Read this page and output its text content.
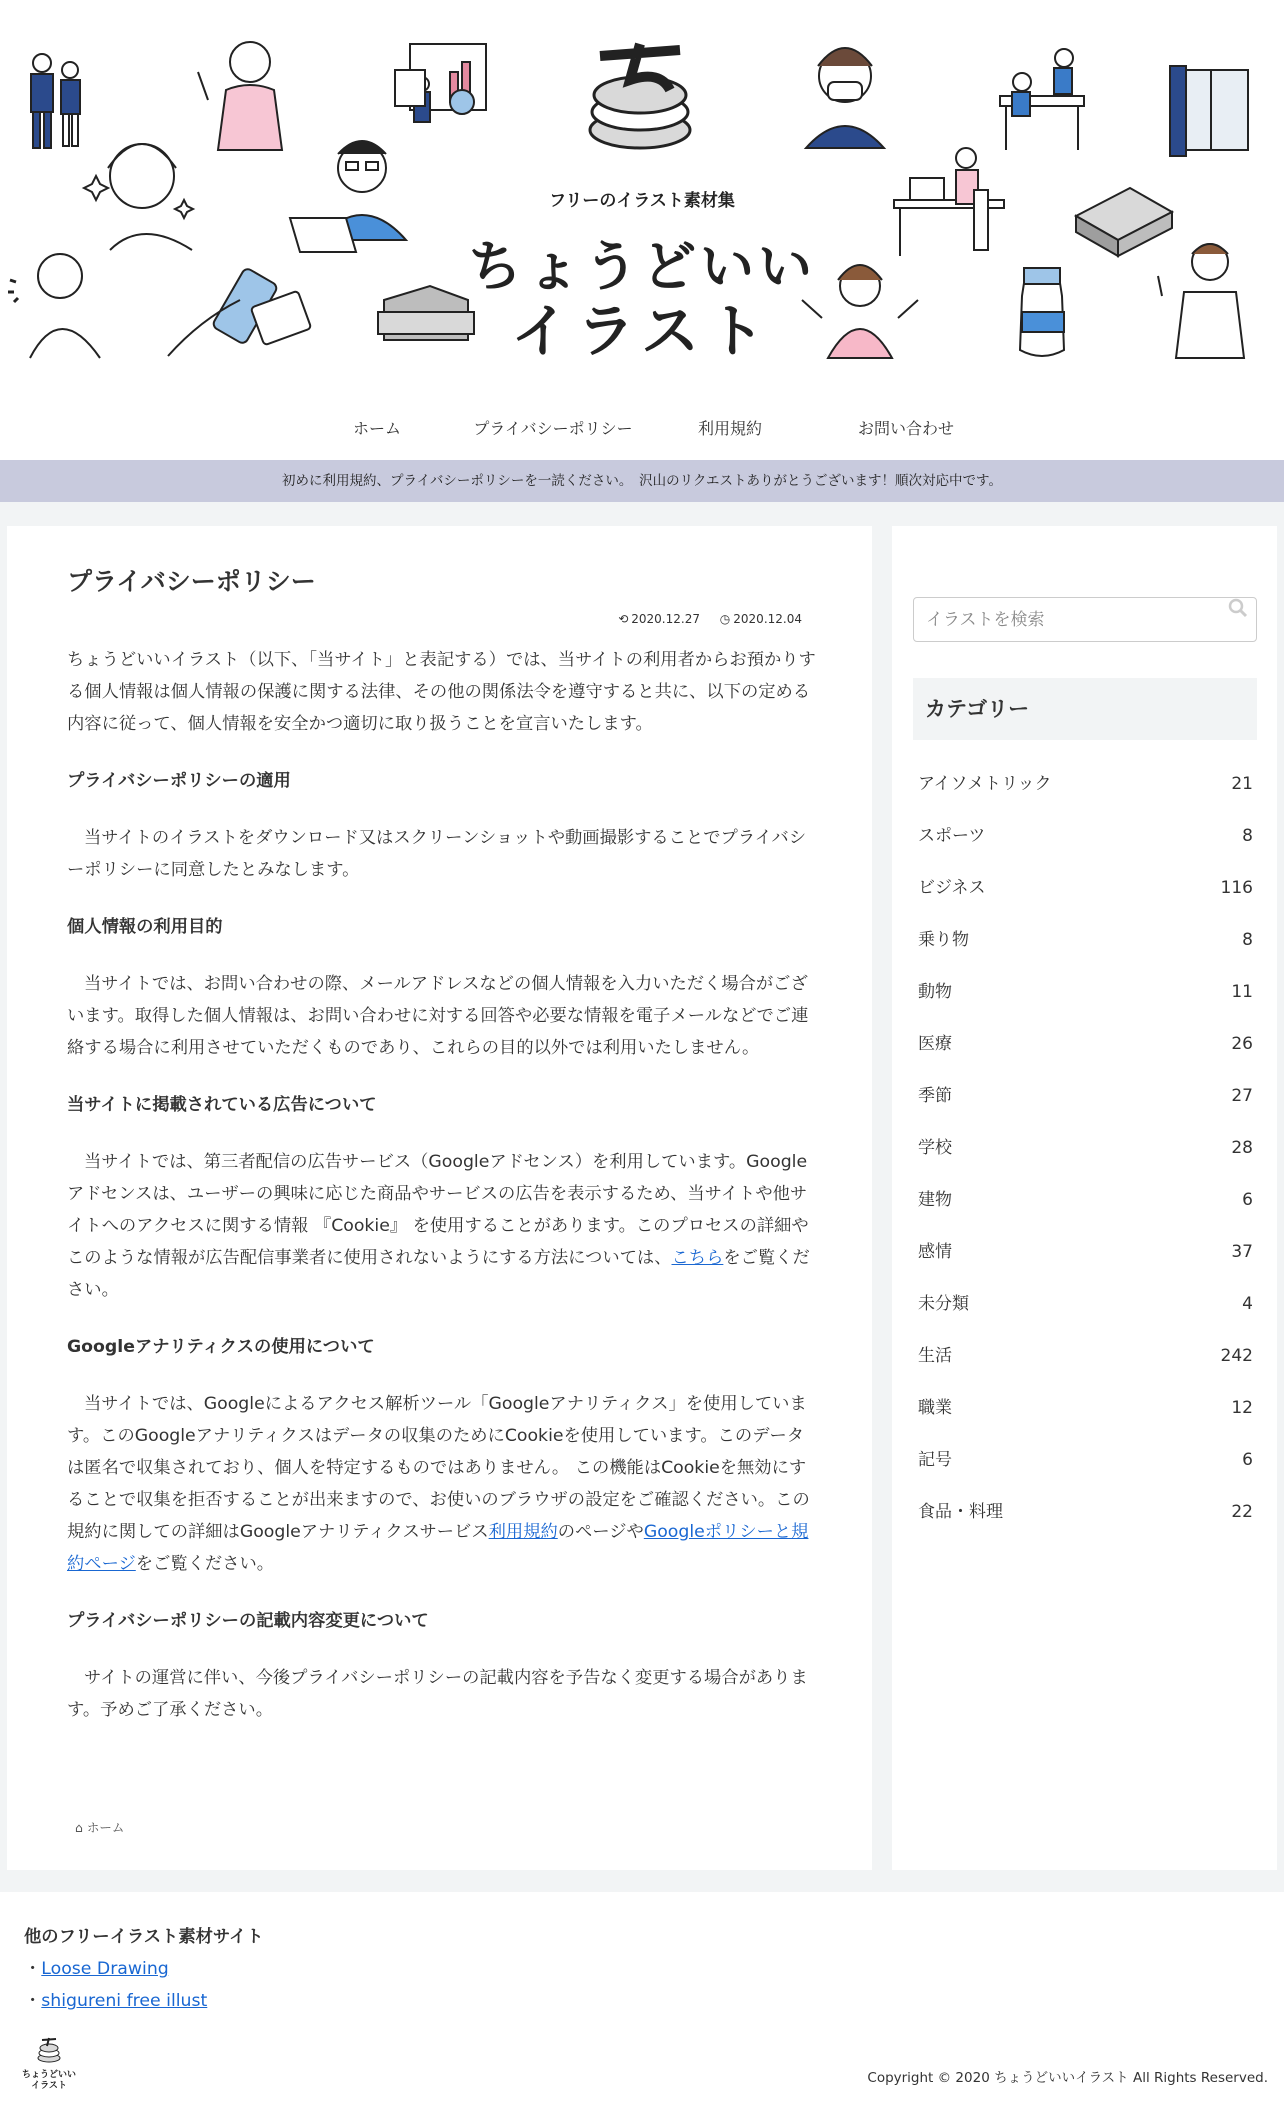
フリーのイラスト素材集
ちょうどいい
イラスト
ホーム	プライバシーポリシー	利用規約	お問い合わせ
初めに利用規約、プライバシーポリシーを一読ください。　沢山のリクエストありがとうございます！順次対応中です。
プライバシーポリシー
⟲ 2020.12.27 ◷ 2020.12.04

ちょうどいいイラスト（以下、「当サイト」と表記する）では、当サイトの利用者からお預かりする個人情報は個人情報の保護に関する法律、その他の関係法令を遵守すると共に、以下の定める内容に従って、個人情報を安全かつ適切に取り扱うことを宣言いたします。

プライバシーポリシーの適用

当サイトのイラストをダウンロード又はスクリーンショットや動画撮影することでプライバシーポリシーに同意したとみなします。

個人情報の利用目的

当サイトでは、お問い合わせの際、メールアドレスなどの個人情報を入力いただく場合がございます。取得した個人情報は、お問い合わせに対する回答や必要な情報を電子メールなどでご連絡する場合に利用させていただくものであり、これらの目的以外では利用いたしません。

当サイトに掲載されている広告について

当サイトでは、第三者配信の広告サービス（Googleアドセンス）を利用しています。Googleアドセンスは、ユーザーの興味に応じた商品やサービスの広告を表示するため、当サイトや他サイトへのアクセスに関する情報 『Cookie』 を使用することがあります。このプロセスの詳細やこのような情報が広告配信事業者に使用されないようにする方法については、こちらをご覧ください。

Googleアナリティクスの使用について

当サイトでは、Googleによるアクセス解析ツール「Googleアナリティクス」を使用しています。このGoogleアナリティクスはデータの収集のためにCookieを使用しています。このデータは匿名で収集されており、個人を特定するものではありません。 この機能はCookieを無効にすることで収集を拒否することが出来ますので、お使いのブラウザの設定をご確認ください。この規約に関しての詳細はGoogleアナリティクスサービス利用規約のページやGoogleポリシーと規約ページをご覧ください。

プライバシーポリシーの記載内容変更について

サイトの運営に伴い、今後プライバシーポリシーの記載内容を予告なく変更する場合があります。予めご了承ください。

⌂ ホーム
イラストを検索
カテゴリー
アイソメトリック	21
スポーツ	8
ビジネス	116
乗り物	8
動物	11
医療	26
季節	27
学校	28
建物	6
感情	37
未分類	4
生活	242
職業	12
記号	6
食品・料理	22
他のフリーイラスト素材サイト
・Loose Drawing
・shigureni free illust
ちょうどいい
イラスト	Copyright © 2020 ちょうどいいイラスト All Rights Reserved.
